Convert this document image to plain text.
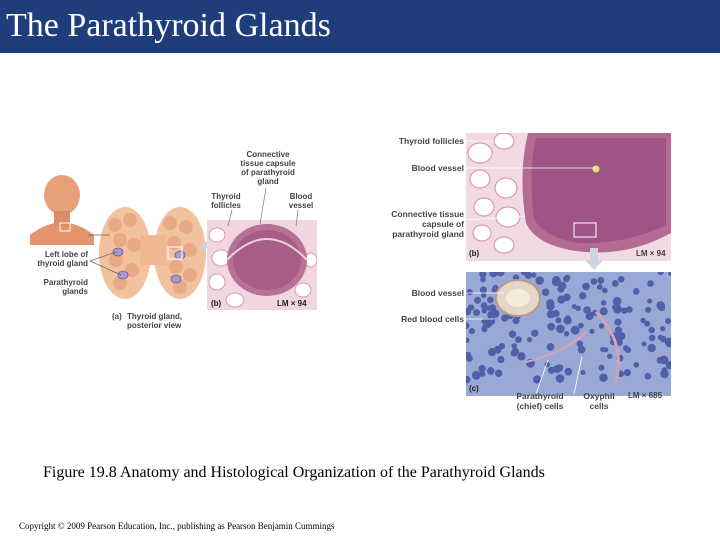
The Parathyroid Glands
Left lobe of thyroid gland
Parathyroid glands
(a) Thyroid gland,
posterior view
(b)	LM × 94
Connective tissue capsule of parathyroid gland
Thyroid follicles
Blood vessel
(b)	LM × 94
Thyroid follicles
Blood vessel
Connective tissue capsule of parathyroid gland
(c)
Blood vessel
Red blood cells
Parathyroid (chief) cells
Oxyphil cells
LM × 685
Figure 19.8 Anatomy and Histological Organization of the Parathyroid Glands
Copyright © 2009 Pearson Education, Inc., publishing as Pearson Benjamin Cummings
